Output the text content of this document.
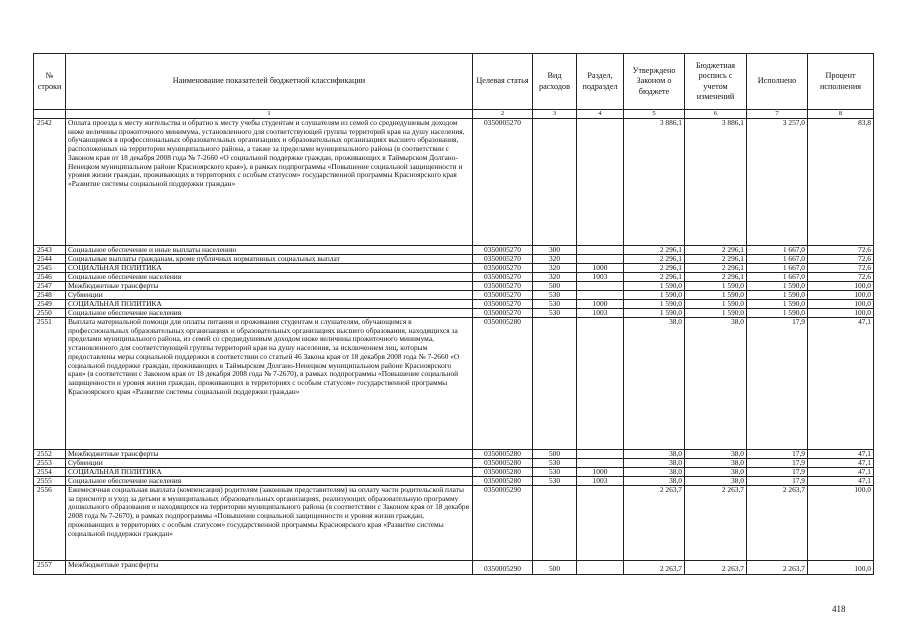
№ строки	Наименование показателей бюджетной классификации	Целевая статья	Вид расходов	Раздел, подраздел	Утверждено Законом о бюджете	Бюджетная роспись с учетом изменений	Исполнено	Процент исполнения
	1	2	3	4	5	6	7	8
2542	Оплата проезда к месту жительства и обратно к месту учебы студентам и слушателям из семей со среднедушевым доходом ниже величины прожиточного минимума, установленного для соответствующей группы территорий края на душу населения, обучающимся в профессиональных образовательных организациях и образовательных организациях высшего образования, расположенных на территории муниципального района, а также за пределами муниципального района (в соответствии с Законом края от 18 декабря 2008 года № 7-2660 «О социальной поддержке граждан, проживающих в Таймырском Долгано-Ненецком муниципальном районе Красноярского края»), в рамках подпрограммы «Повышение социальной защищенности и уровня жизни граждан, проживающих в территориях с особым статусом» государственной программы Красноярского края «Развитие системы социальной поддержки граждан»	0350005270			3 886,1	3 886,1	3 257,0	83,8
2543	Социальное обеспечение и иные выплаты населению	0350005270	300		2 296,1	2 296,1	1 667,0	72,6
2544	Социальные выплаты гражданам, кроме публичных нормативных социальных выплат	0350005270	320		2 296,1	2 296,1	1 667,0	72,6
2545	СОЦИАЛЬНАЯ ПОЛИТИКА	0350005270	320	1000	2 296,1	2 296,1	1 667,0	72,6
2546	Социальное обеспечение населения	0350005270	320	1003	2 296,1	2 296,1	1 667,0	72,6
2547	Межбюджетные трансферты	0350005270	500		1 590,0	1 590,0	1 590,0	100,0
2548	Субвенции	0350005270	530		1 590,0	1 590,0	1 590,0	100,0
2549	СОЦИАЛЬНАЯ ПОЛИТИКА	0350005270	530	1000	1 590,0	1 590,0	1 590,0	100,0
2550	Социальное обеспечение населения	0350005270	530	1003	1 590,0	1 590,0	1 590,0	100,0
2551	Выплата материальной помощи для оплаты питания и проживания студентам и слушателям, обучающимся в профессиональных образовательных организациях и образовательных организациях высшего образования, находящихся за пределами муниципального района, из семей со среднедушевым доходом ниже величины прожиточного минимума, установленного для соответствующей группы территорий края на душу населения, за исключением лиц, которым предоставлены меры социальной поддержки в соответствии со статьей 46 Закона края от 18 декабря 2008 года № 7-2660 «О социальной поддержке граждан, проживающих в Таймырском Долгано-Ненецком муниципальном районе Красноярского края» (в соответствии с Законом края от 18 декабря 2008 года № 7-2670), в рамках подпрограммы «Повышение социальной защищенности и уровня жизни граждан, проживающих в территориях с особым статусом» государственной программы Красноярского края «Развитие системы социальной поддержки граждан»	0350005280			38,0	38,0	17,9	47,1
2552	Межбюджетные трансферты	0350005280	500		38,0	38,0	17,9	47,1
2553	Субвенции	0350005280	530		38,0	38,0	17,9	47,1
2554	СОЦИАЛЬНАЯ ПОЛИТИКА	0350005280	530	1000	38,0	38,0	17,9	47,1
2555	Социальное обеспечение населения	0350005280	530	1003	38,0	38,0	17,9	47,1
2556	Ежемесячная социальная выплата (компенсация) родителям (законным представителям) на оплату части родительской платы за присмотр и уход за детьми в муниципальных образовательных организациях, реализующих образовательную программу дошкольного образования и находящихся на территории муниципального района (в соответствии с Законом края от 18 декабря 2008 года № 7-2670), в рамках подпрограммы «Повышение социальной защищенности и уровня жизни граждан, проживающих в территориях с особым статусом» государственной программы Красноярского края «Развитие системы социальной поддержки граждан»	0350005290			2 263,7	2 263,7	2 263,7	100,0
2557	Межбюджетные трансферты	0350005290	500		2 263,7	2 263,7	2 263,7	100,0
418
